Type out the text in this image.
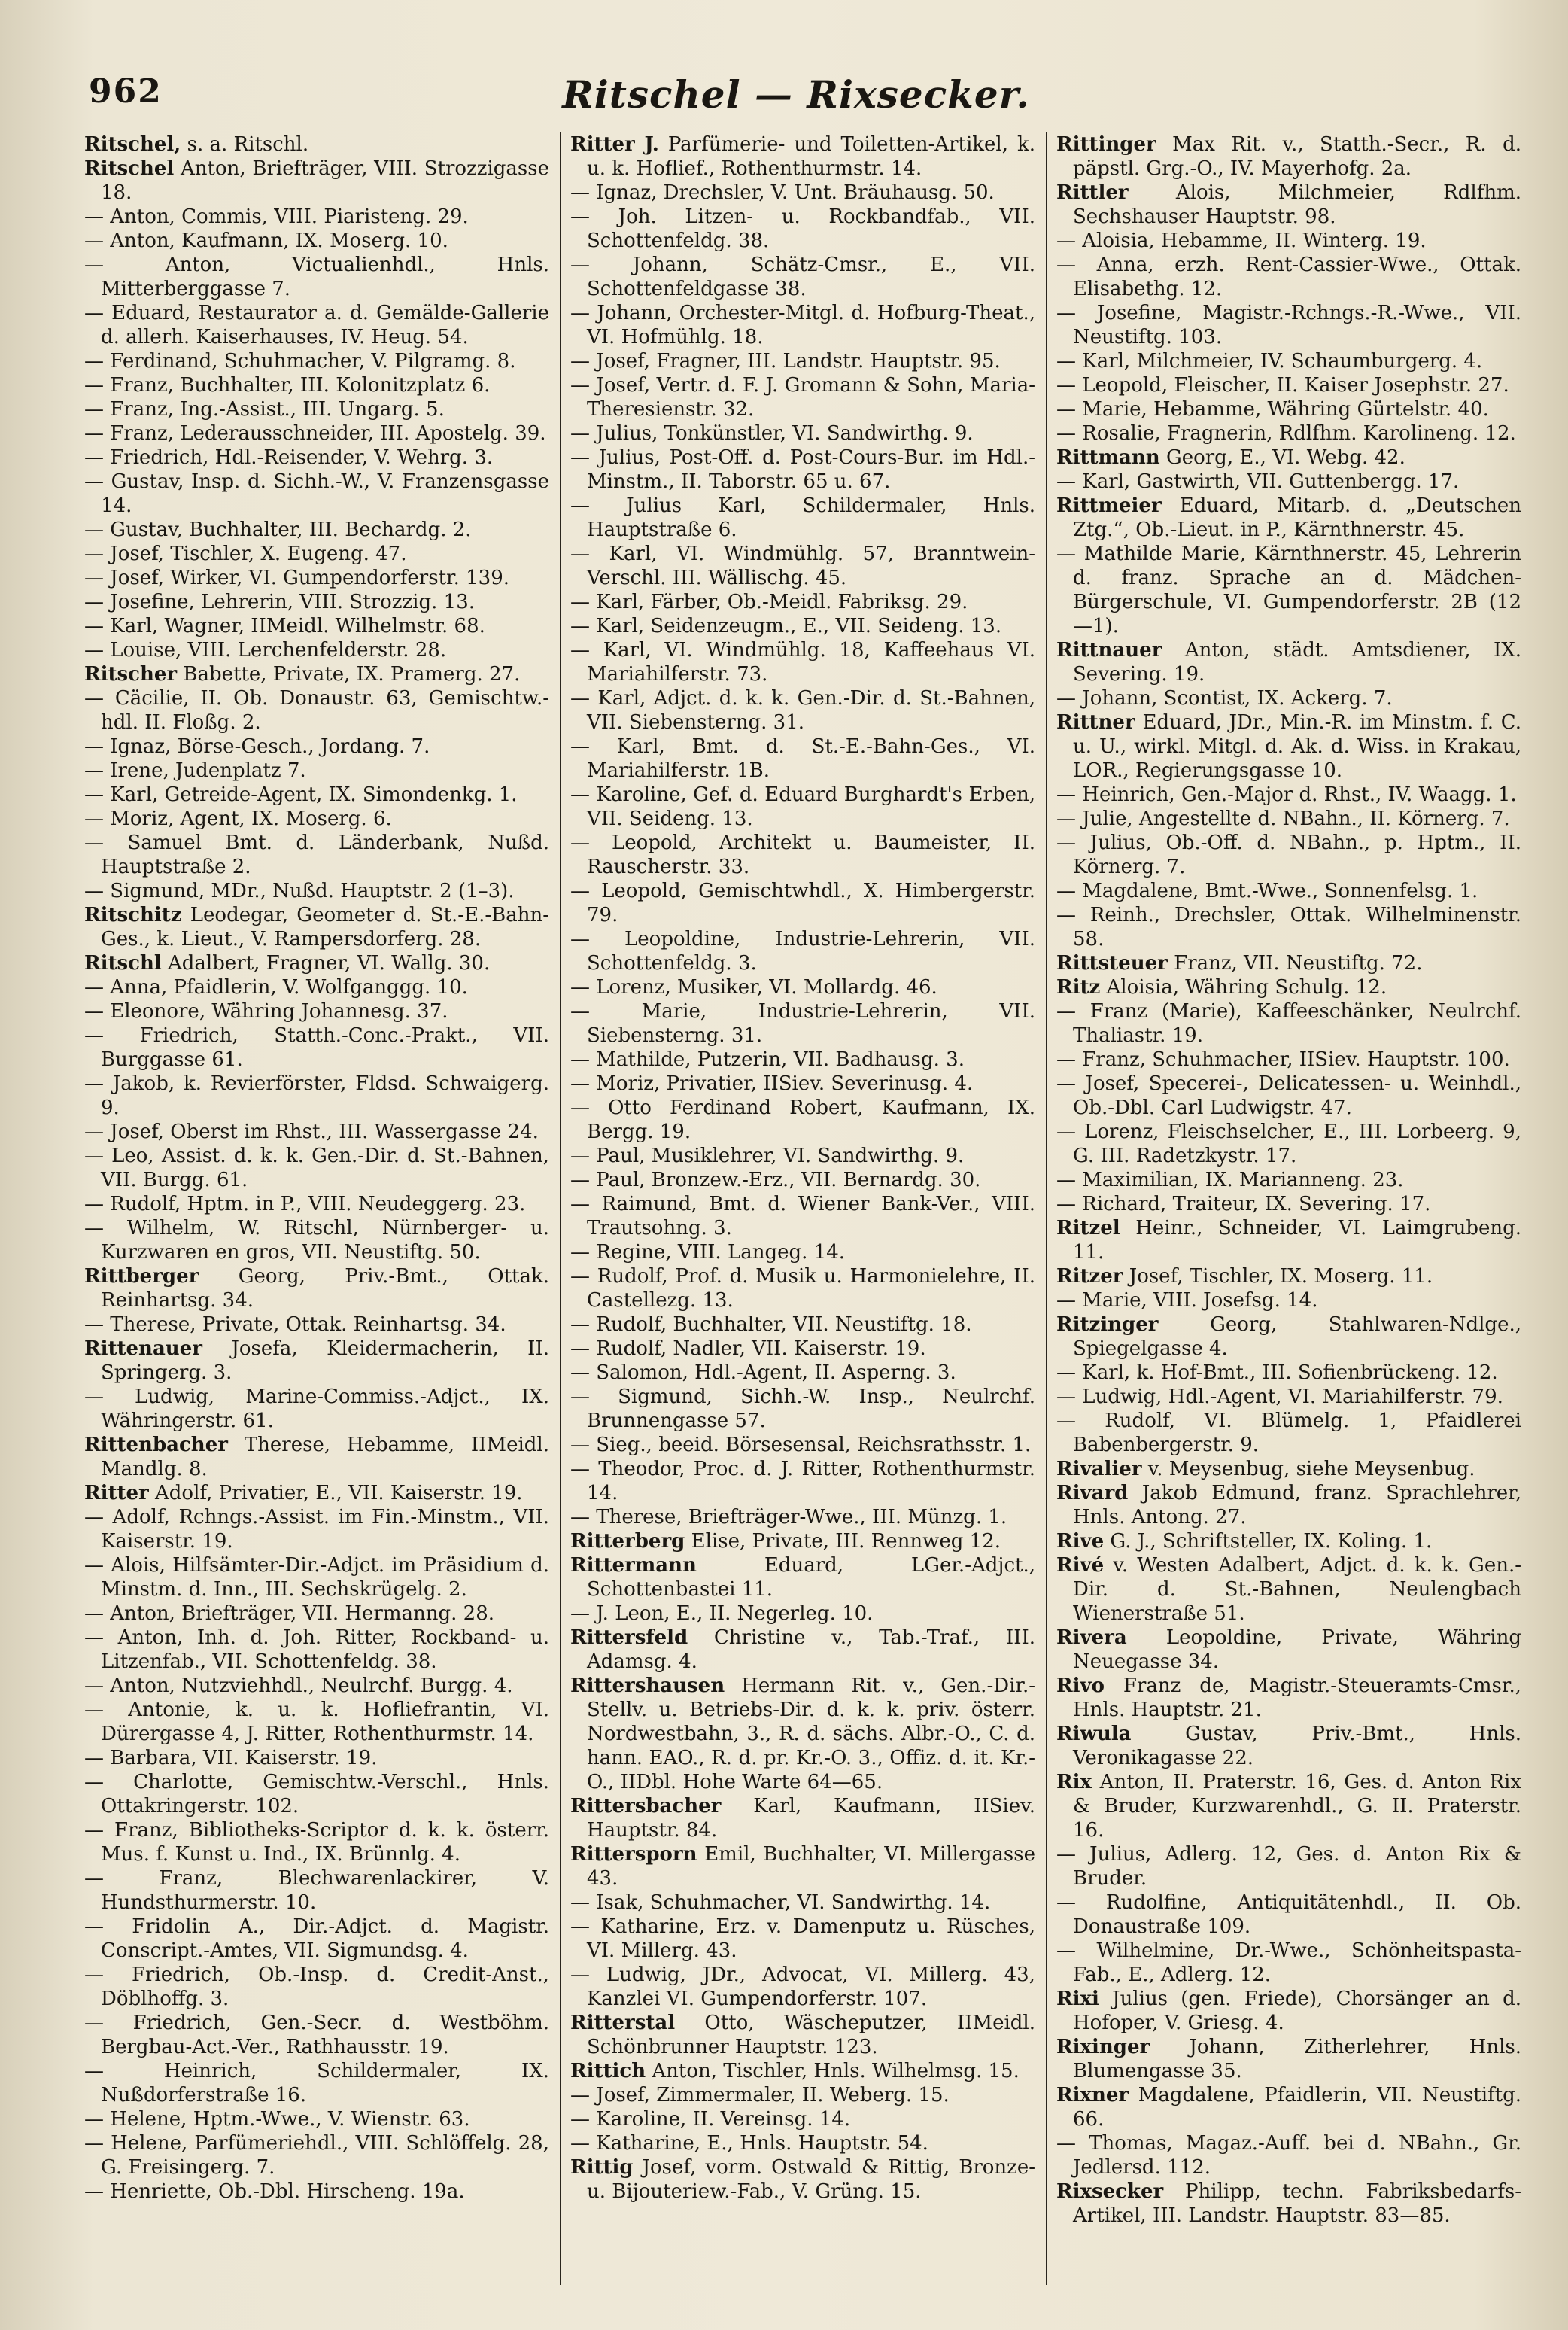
962	Ritschel — Rixsecker.
Ritschel, s. a. Ritschl.
Ritschel Anton, Briefträger, VIII. Strozzigasse 18.
— Anton, Commis, VIII. Piaristeng. 29.
— Anton, Kaufmann, IX. Moserg. 10.
— Anton, Victualienhdl., Hnls. Mitterberggasse 7.
— Eduard, Restaurator a. d. Gemälde-Gallerie d. allerh. Kaiserhauses, IV. Heug. 54.
— Ferdinand, Schuhmacher, V. Pilgramg. 8.
— Franz, Buchhalter, III. Kolonitzplatz 6.
— Franz, Ing.-Assist., III. Ungarg. 5.
— Franz, Lederausschneider, III. Apostelg. 39.
— Friedrich, Hdl.-Reisender, V. Wehrg. 3.
— Gustav, Insp. d. Sichh.-W., V. Franzensgasse 14.
— Gustav, Buchhalter, III. Bechardg. 2.
— Josef, Tischler, X. Eugeng. 47.
— Josef, Wirker, VI. Gumpendorferstr. 139.
— Josefine, Lehrerin, VIII. Strozzig. 13.
— Karl, Wagner, IIMeidl. Wilhelmstr. 68.
— Louise, VIII. Lerchenfelderstr. 28.
Ritscher Babette, Private, IX. Pramerg. 27.
— Cäcilie, II. Ob. Donaustr. 63, Gemischtw.-hdl. II. Floßg. 2.
— Ignaz, Börse-Gesch., Jordang. 7.
— Irene, Judenplatz 7.
— Karl, Getreide-Agent, IX. Simondenkg. 1.
— Moriz, Agent, IX. Moserg. 6.
— Samuel Bmt. d. Länderbank, Nußd. Hauptstraße 2.
— Sigmund, MDr., Nußd. Hauptstr. 2 (1–3).
Ritschitz Leodegar, Geometer d. St.-E.-Bahn-Ges., k. Lieut., V. Rampersdorferg. 28.
Ritschl Adalbert, Fragner, VI. Wallg. 30.
— Anna, Pfaidlerin, V. Wolfganggg. 10.
— Eleonore, Währing Johannesg. 37.
— Friedrich, Statth.-Conc.-Prakt., VII. Burggasse 61.
— Jakob, k. Revierförster, Fldsd. Schwaigerg. 9.
— Josef, Oberst im Rhst., III. Wassergasse 24.
— Leo, Assist. d. k. k. Gen.-Dir. d. St.-Bahnen, VII. Burgg. 61.
— Rudolf, Hptm. in P., VIII. Neudeggerg. 23.
— Wilhelm, W. Ritschl, Nürnberger- u. Kurzwaren en gros, VII. Neustiftg. 50.
Rittberger Georg, Priv.-Bmt., Ottak. Reinhartsg. 34.
— Therese, Private, Ottak. Reinhartsg. 34.
Rittenauer Josefa, Kleidermacherin, II. Springerg. 3.
— Ludwig, Marine-Commiss.-Adjct., IX. Währingerstr. 61.
Rittenbacher Therese, Hebamme, IIMeidl. Mandlg. 8.
Ritter Adolf, Privatier, E., VII. Kaiserstr. 19.
— Adolf, Rchngs.-Assist. im Fin.-Minstm., VII. Kaiserstr. 19.
— Alois, Hilfsämter-Dir.-Adjct. im Präsidium d. Minstm. d. Inn., III. Sechskrügelg. 2.
— Anton, Briefträger, VII. Hermanng. 28.
— Anton, Inh. d. Joh. Ritter, Rockband- u. Litzenfab., VII. Schottenfeldg. 38.
— Anton, Nutzviehhdl., Neulrchf. Burgg. 4.
— Antonie, k. u. k. Hofliefrantin, VI. Dürergasse 4, J. Ritter, Rothenthurmstr. 14.
— Barbara, VII. Kaiserstr. 19.
— Charlotte, Gemischtw.-Verschl., Hnls. Ottakringerstr. 102.
— Franz, Bibliotheks-Scriptor d. k. k. österr. Mus. f. Kunst u. Ind., IX. Brünnlg. 4.
— Franz, Blechwarenlackirer, V. Hundsthurmerstr. 10.
— Fridolin A., Dir.-Adjct. d. Magistr. Conscript.-Amtes, VII. Sigmundsg. 4.
— Friedrich, Ob.-Insp. d. Credit-Anst., Döblhoffg. 3.
— Friedrich, Gen.-Secr. d. Westböhm. Bergbau-Act.-Ver., Rathhausstr. 19.
— Heinrich, Schildermaler, IX. Nußdorferstraße 16.
— Helene, Hptm.-Wwe., V. Wienstr. 63.
— Helene, Parfümeriehdl., VIII. Schlöffelg. 28, G. Freisingerg. 7.
— Henriette, Ob.-Dbl. Hirscheng. 19a.
Ritter J. Parfümerie- und Toiletten-Artikel, k. u. k. Hoflief., Rothenthurmstr. 14.
— Ignaz, Drechsler, V. Unt. Bräuhausg. 50.
— Joh. Litzen- u. Rockbandfab., VII. Schottenfeldg. 38.
— Johann, Schätz-Cmsr., E., VII. Schottenfeldgasse 38.
— Johann, Orchester-Mitgl. d. Hofburg-Theat., VI. Hofmühlg. 18.
— Josef, Fragner, III. Landstr. Hauptstr. 95.
— Josef, Vertr. d. F. J. Gromann & Sohn, Maria-Theresienstr. 32.
— Julius, Tonkünstler, VI. Sandwirthg. 9.
— Julius, Post-Off. d. Post-Cours-Bur. im Hdl.-Minstm., II. Taborstr. 65 u. 67.
— Julius Karl, Schildermaler, Hnls. Hauptstraße 6.
— Karl, VI. Windmühlg. 57, Branntwein-Verschl. III. Wällischg. 45.
— Karl, Färber, Ob.-Meidl. Fabriksg. 29.
— Karl, Seidenzeugm., E., VII. Seideng. 13.
— Karl, VI. Windmühlg. 18, Kaffeehaus VI. Mariahilferstr. 73.
— Karl, Adjct. d. k. k. Gen.-Dir. d. St.-Bahnen, VII. Siebensterng. 31.
— Karl, Bmt. d. St.-E.-Bahn-Ges., VI. Mariahilferstr. 1B.
— Karoline, Gef. d. Eduard Burghardt's Erben, VII. Seideng. 13.
— Leopold, Architekt u. Baumeister, II. Rauscherstr. 33.
— Leopold, Gemischtwhdl., X. Himbergerstr. 79.
— Leopoldine, Industrie-Lehrerin, VII. Schottenfeldg. 3.
— Lorenz, Musiker, VI. Mollardg. 46.
— Marie, Industrie-Lehrerin, VII. Siebensterng. 31.
— Mathilde, Putzerin, VII. Badhausg. 3.
— Moriz, Privatier, IISiev. Severinusg. 4.
— Otto Ferdinand Robert, Kaufmann, IX. Bergg. 19.
— Paul, Musiklehrer, VI. Sandwirthg. 9.
— Paul, Bronzew.-Erz., VII. Bernardg. 30.
— Raimund, Bmt. d. Wiener Bank-Ver., VIII. Trautsohng. 3.
— Regine, VIII. Langeg. 14.
— Rudolf, Prof. d. Musik u. Harmonielehre, II. Castellezg. 13.
— Rudolf, Buchhalter, VII. Neustiftg. 18.
— Rudolf, Nadler, VII. Kaiserstr. 19.
— Salomon, Hdl.-Agent, II. Asperng. 3.
— Sigmund, Sichh.-W. Insp., Neulrchf. Brunnengasse 57.
— Sieg., beeid. Börsesensal, Reichsrathsstr. 1.
— Theodor, Proc. d. J. Ritter, Rothenthurmstr. 14.
— Therese, Briefträger-Wwe., III. Münzg. 1.
Ritterberg Elise, Private, III. Rennweg 12.
Rittermann	Eduard, LGer.-Adjct., Schottenbastei 11.
— J. Leon, E., II. Negerleg. 10.
Rittersfeld Christine v., Tab.-Traf., III. Adamsg. 4.
Rittershausen Hermann Rit. v., Gen.-Dir.-Stellv. u. Betriebs-Dir. d. k. k. priv. österr. Nordwestbahn, 3., R. d. sächs. Albr.-O., C. d. hann. EAO., R. d. pr. Kr.-O. 3., Offiz. d. it. Kr.-O., IIDbl. Hohe Warte 64—65.
Rittersbacher Karl, Kaufmann, IISiev. Hauptstr. 84.
Rittersporn Emil, Buchhalter, VI. Millergasse 43.
— Isak, Schuhmacher, VI. Sandwirthg. 14.
— Katharine, Erz. v. Damenputz u. Rüsches, VI. Millerg. 43.
— Ludwig, JDr., Advocat, VI. Millerg. 43, Kanzlei VI. Gumpendorferstr. 107.
Ritterstal Otto, Wäscheputzer, IIMeidl. Schönbrunner Hauptstr. 123.
Rittich Anton, Tischler, Hnls. Wilhelmsg. 15.
— Josef, Zimmermaler, II. Weberg. 15.
— Karoline, II. Vereinsg. 14.
— Katharine, E., Hnls. Hauptstr. 54.
Rittig Josef, vorm. Ostwald & Rittig, Bronze- u. Bijouteriew.-Fab., V. Grüng. 15.
Rittinger Max Rit. v., Statth.-Secr., R. d. päpstl. Grg.-O., IV. Mayerhofg. 2a.
Rittler Alois, Milchmeier, Rdlfhm. Sechshauser Hauptstr. 98.
— Aloisia, Hebamme, II. Winterg. 19.
— Anna, erzh. Rent-Cassier-Wwe., Ottak. Elisabethg. 12.
— Josefine, Magistr.-Rchngs.-R.-Wwe., VII. Neustiftg. 103.
— Karl, Milchmeier, IV. Schaumburgerg. 4.
— Leopold, Fleischer, II. Kaiser Josephstr. 27.
— Marie, Hebamme, Währing Gürtelstr. 40.
— Rosalie, Fragnerin, Rdlfhm. Karolineng. 12.
Rittmann Georg, E., VI. Webg. 42.
— Karl, Gastwirth, VII. Guttenbergg. 17.
Rittmeier Eduard, Mitarb. d. „Deutschen Ztg.“, Ob.-Lieut. in P., Kärnthnerstr. 45.
— Mathilde Marie, Kärnthnerstr. 45, Lehrerin d. franz. Sprache an d. Mädchen-Bürgerschule, VI. Gumpendorferstr. 2B (12—1).
Rittnauer Anton, städt. Amtsdiener, IX. Severing. 19.
— Johann, Scontist, IX. Ackerg. 7.
Rittner Eduard, JDr., Min.-R. im Minstm. f. C. u. U., wirkl. Mitgl. d. Ak. d. Wiss. in Krakau, LOR., Regierungsgasse 10.
— Heinrich, Gen.-Major d. Rhst., IV. Waagg. 1.
— Julie, Angestellte d. NBahn., II. Körnerg. 7.
— Julius, Ob.-Off. d. NBahn., p. Hptm., II. Körnerg. 7.
— Magdalene, Bmt.-Wwe., Sonnenfelsg. 1.
— Reinh., Drechsler, Ottak. Wilhelminenstr. 58.
Rittsteuer Franz, VII. Neustiftg. 72.
Ritz Aloisia, Währing Schulg. 12.
— Franz (Marie), Kaffeeschänker, Neulrchf. Thaliastr. 19.
— Franz, Schuhmacher, IISiev. Hauptstr. 100.
— Josef, Specerei-, Delicatessen- u. Weinhdl., Ob.-Dbl. Carl Ludwigstr. 47.
— Lorenz, Fleischselcher, E., III. Lorbeerg. 9, G. III. Radetzkystr. 17.
— Maximilian, IX. Marianneng. 23.
— Richard, Traiteur, IX. Severing. 17.
Ritzel Heinr., Schneider, VI. Laimgrubeng. 11.
Ritzer Josef, Tischler, IX. Moserg. 11.
— Marie, VIII. Josefsg. 14.
Ritzinger	Georg, Stahlwaren-Ndlge., Spiegelgasse 4.
— Karl, k. Hof-Bmt., III. Sofienbrückeng. 12.
— Ludwig, Hdl.-Agent, VI. Mariahilferstr. 79.
— Rudolf, VI. Blümelg. 1, Pfaidlerei Babenbergerstr. 9.
Rivalier v. Meysenbug, siehe Meysenbug.
Rivard Jakob Edmund, franz. Sprachlehrer, Hnls. Antong. 27.
Rive G. J., Schriftsteller, IX. Koling. 1.
Rivé v. Westen Adalbert, Adjct. d. k. k. Gen.-Dir. d. St.-Bahnen, Neulengbach Wienerstraße 51.
Rivera Leopoldine, Private, Währing Neuegasse 34.
Rivo Franz de, Magistr.-Steueramts-Cmsr., Hnls. Hauptstr. 21.
Riwula	Gustav, Priv.-Bmt., Hnls. Veronikagasse 22.
Rix Anton, II. Praterstr. 16, Ges. d. Anton Rix & Bruder, Kurzwarenhdl., G. II. Praterstr. 16.
— Julius, Adlerg. 12, Ges. d. Anton Rix & Bruder.
— Rudolfine, Antiquitätenhdl., II. Ob. Donaustraße 109.
— Wilhelmine, Dr.-Wwe., Schönheitspasta-Fab., E., Adlerg. 12.
Rixi Julius (gen. Friede), Chorsänger an d. Hofoper, V. Griesg. 4.
Rixinger Johann, Zitherlehrer, Hnls. Blumengasse 35.
Rixner Magdalene, Pfaidlerin, VII. Neustiftg. 66.
— Thomas, Magaz.-Auff. bei d. NBahn., Gr. Jedlersd. 112.
Rixsecker Philipp, techn. Fabriksbedarfs-Artikel, III. Landstr. Hauptstr. 83—85.
